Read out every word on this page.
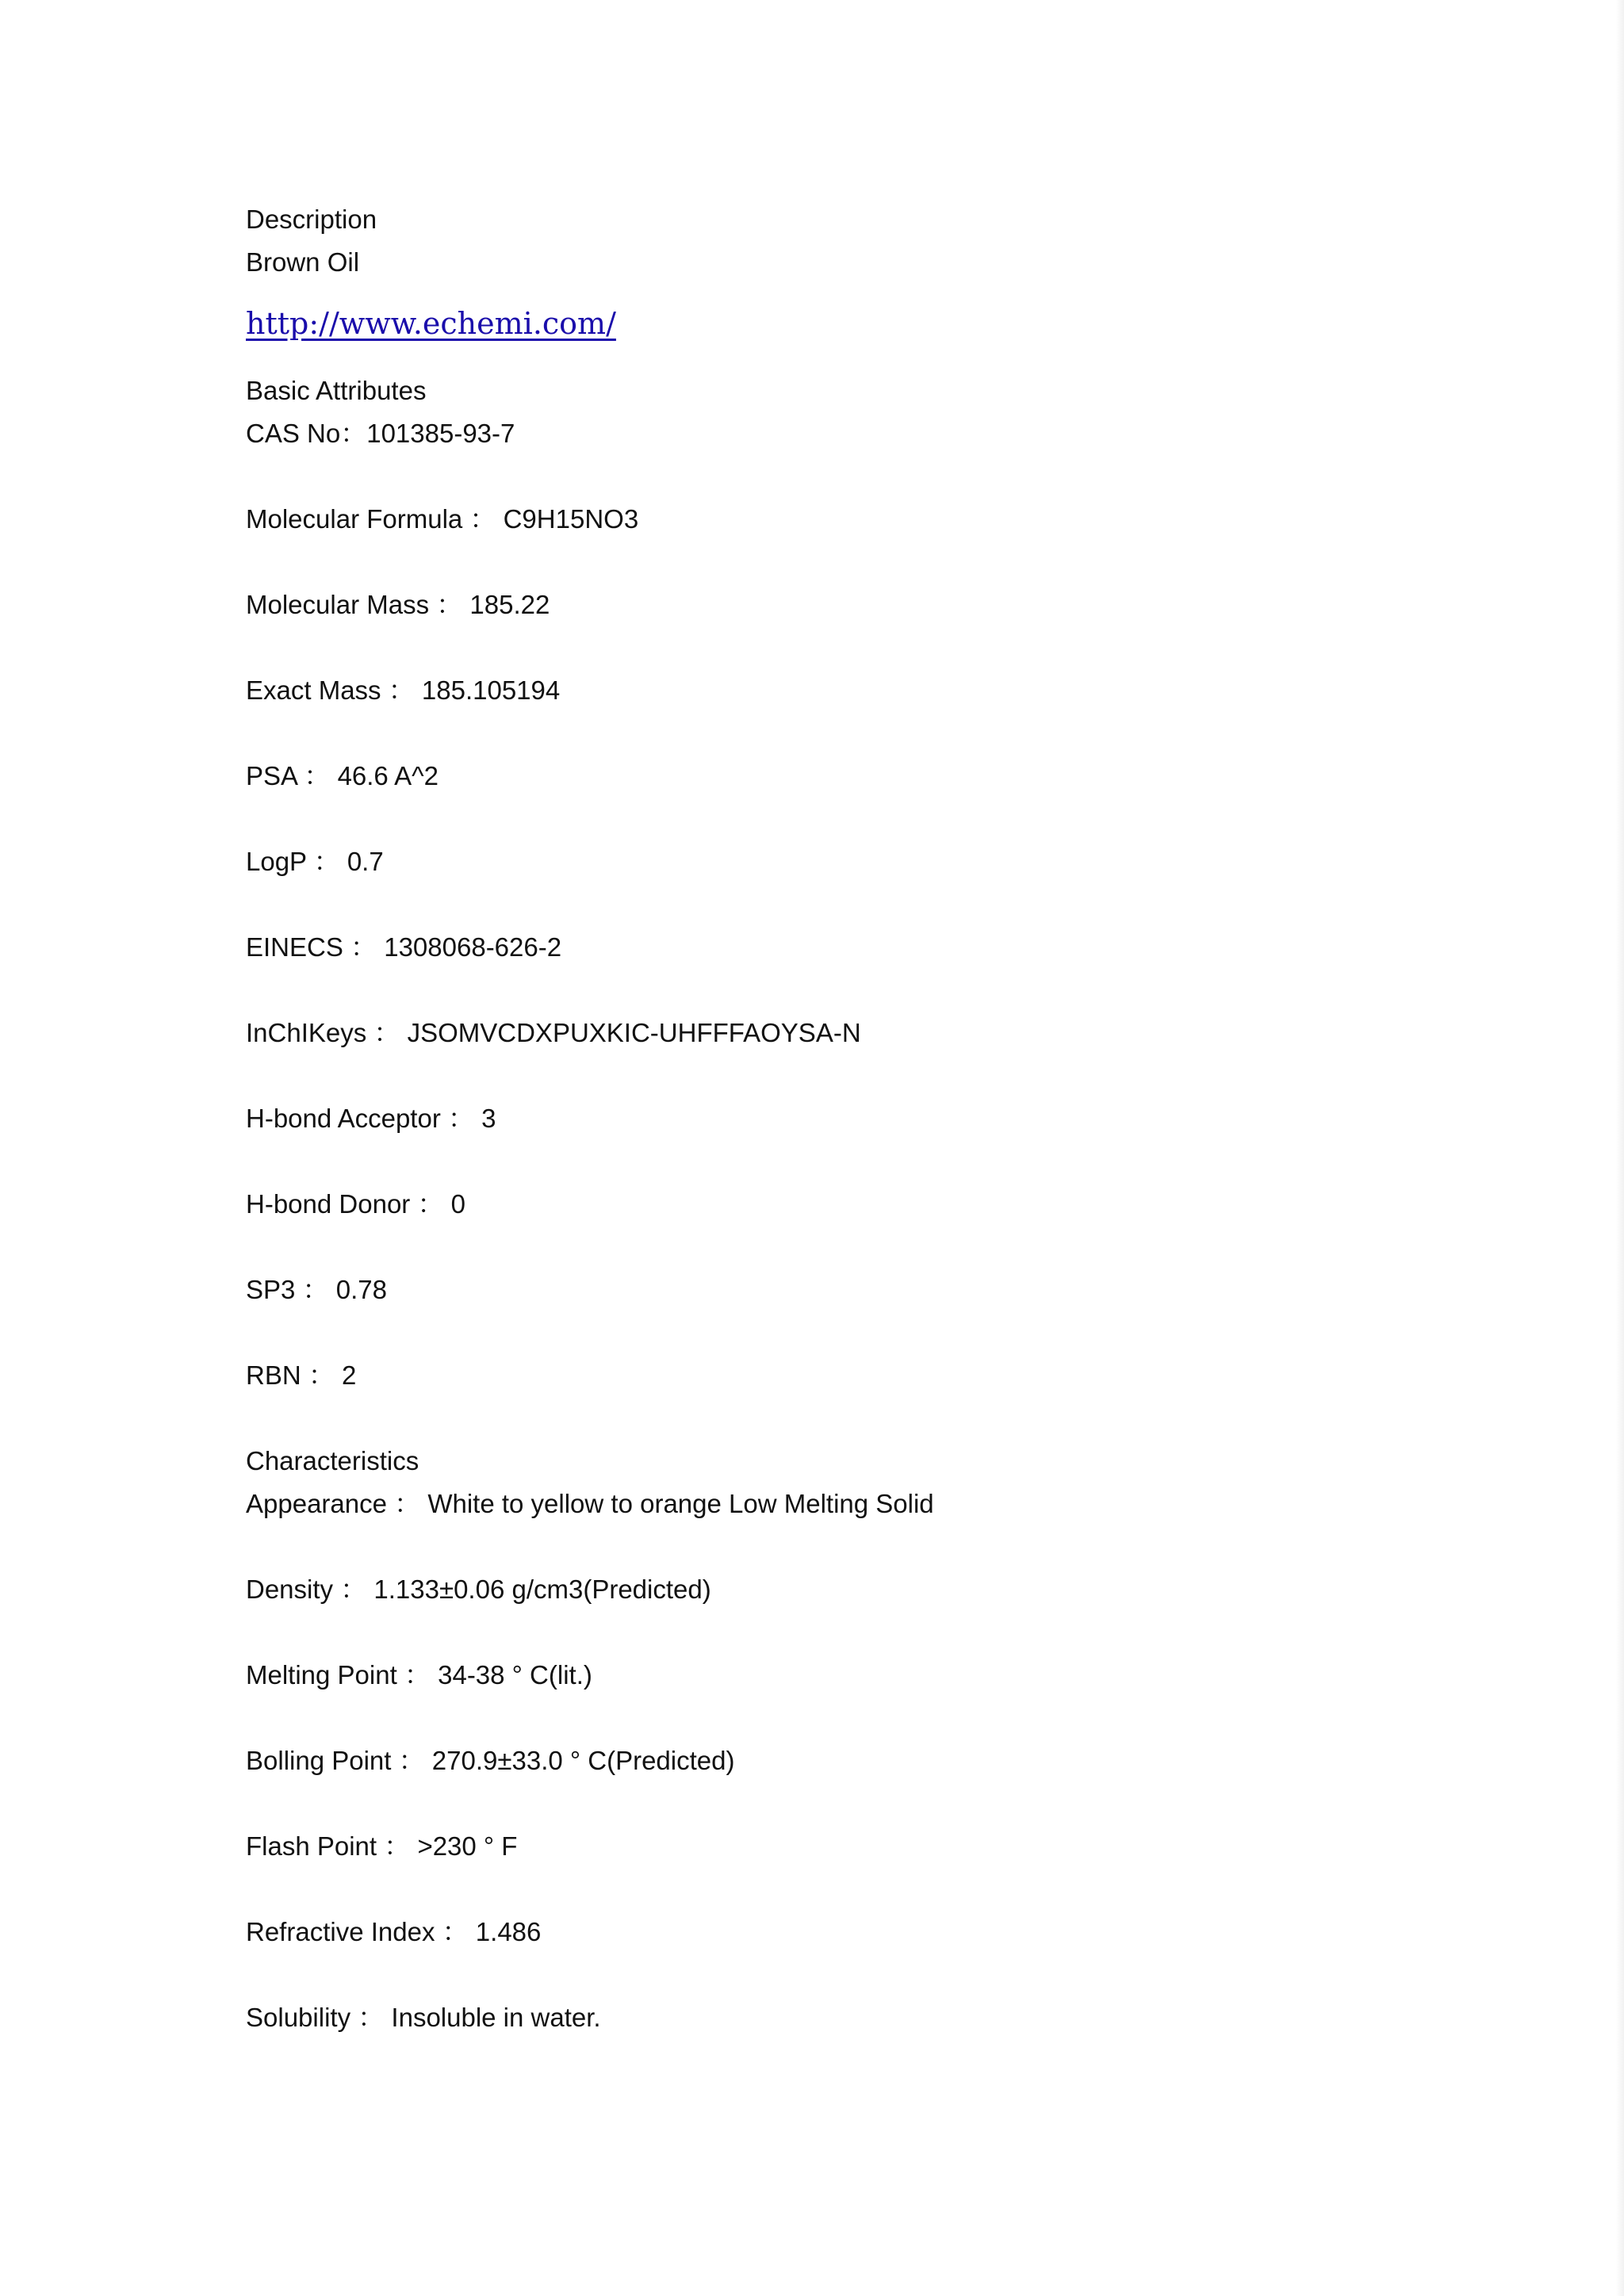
Description
Brown Oil
http://www.echemi.com/
Basic Attributes
CAS No：101385-93-7
Molecular Formula ： C9H15NO3
Molecular Mass ： 185.22
Exact Mass ： 185.105194
PSA ： 46.6 A^2
LogP ： 0.7
EINECS ： 1308068-626-2
InChIKeys ： JSOMVCDXPUXKIC-UHFFFAOYSA-N
H-bond Acceptor ： 3
H-bond Donor ： 0
SP3 ： 0.78
RBN ： 2
Characteristics
Appearance ： White to yellow to orange Low Melting Solid
Density ： 1.133±0.06 g/cm3(Predicted)
Melting Point ： 34-38 ° C(lit.)
Bolling Point ： 270.9±33.0 ° C(Predicted)
Flash Point ： >230 ° F
Refractive Index ： 1.486
Solubility ： Insoluble in water.
